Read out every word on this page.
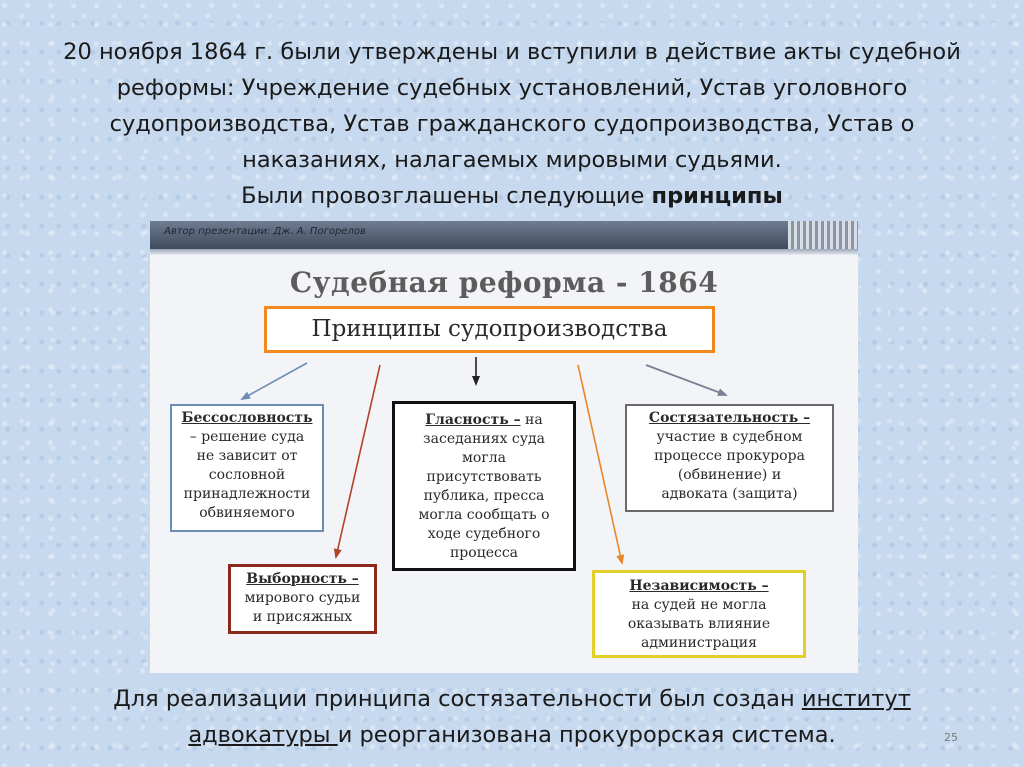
20 ноября 1864 г. были утверждены и вступили в действие акты судебной
реформы: Учреждение судебных установлений, Устав уголовного
судопроизводства, Устав гражданского судопроизводства, Устав о
наказаниях, налагаемых мировыми судьями.
Были провозглашены следующие принципы
Автор презентации: Дж. А. Погорелов
Судебная реформа - 1864
Принципы судопроизводства
Бессословность
– решение суда
не зависит от
сословной
принадлежности
обвиняемого
Гласность – на
заседаниях суда
могла
присутствовать
публика, пресса
могла сообщать о
ходе судебного
процесса
Состязательность –
участие в судебном
процессе прокурора
(обвинение) и
адвоката (защита)
Выборность –
мирового судьи
и присяжных
Независимость –
на судей не могла
оказывать влияние
администрация
Для реализации принципа состязательности был создан институт
адвокатуры и реорганизована прокурорская система.	25
